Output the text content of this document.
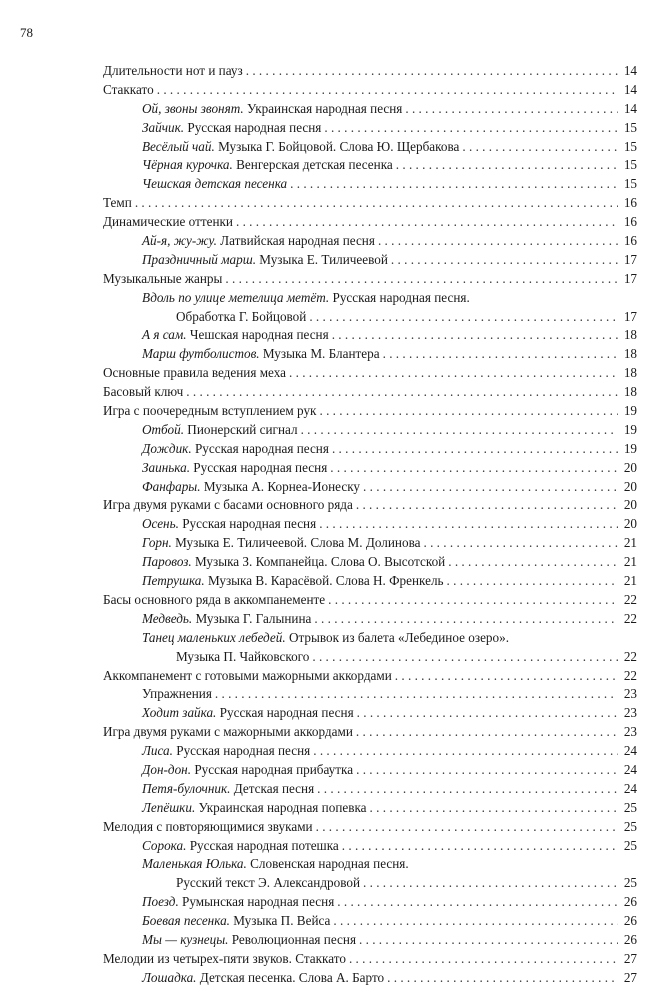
78
Длительности нот и пауз . . .	14
Стаккато . . .	14
Ой, звоны звонят. Украинская народная песня . . .	14
Зайчик. Русская народная песня . . .	15
Весёлый чай. Музыка Г. Бойцовой. Слова Ю. Щербакова . . .	15
Чёрная курочка. Венгерская детская песенка . . .	15
Чешская детская песенка . . .	15
Темп . . .	16
Динамические оттенки . . .	16
Ай-я, жу-жу. Латвийская народная песня . . .	16
Праздничный марш. Музыка Е. Тиличеевой . . .	17
Музыкальные жанры . . .	17
Вдоль по улице метелица метёт. Русская народная песня.
Обработка Г. Бойцовой . . .	17
А я сам. Чешская народная песня . . .	18
Марш футболистов. Музыка М. Блантера . . .	18
Основные правила ведения меха . . .	18
Басовый ключ . . .	18
Игра с поочередным вступлением рук . . .	19
Отбой. Пионерский сигнал . . .	19
Дождик. Русская народная песня . . .	19
Заинька. Русская народная песня . . .	20
Фанфары. Музыка А. Корнеа-Ионеску . . .	20
Игра двумя руками с басами основного ряда . . .	20
Осень. Русская народная песня . . .	20
Горн. Музыка Е. Тиличеевой. Слова М. Долинова . . .	21
Паровоз. Музыка З. Компанейца. Слова О. Высотской . . .	21
Петрушка. Музыка В. Карасёвой. Слова Н. Френкель . . .	21
Басы основного ряда в аккомпанементе . . .	22
Медведь. Музыка Г. Галынина . . .	22
Танец маленьких лебедей. Отрывок из балета «Лебединое озеро».
Музыка П. Чайковского . . .	22
Аккомпанемент с готовыми мажорными аккордами . . .	22
Упражнения . . .	23
Ходит зайка. Русская народная песня . . .	23
Игра двумя руками с мажорными аккордами . . .	23
Лиса. Русская народная песня . . .	24
Дон-дон. Русская народная прибаутка . . .	24
Петя-булочник. Детская песня . . .	24
Лепёшки. Украинская народная попевка . . .	25
Мелодия с повторяющимися звуками . . .	25
Сорока. Русская народная потешка . . .	25
Маленькая Юлька. Словенская народная песня.
Русский текст Э. Александровой . . .	25
Поезд. Румынская народная песня . . .	26
Боевая песенка. Музыка П. Вейса . . .	26
Мы — кузнецы. Революционная песня . . .	26
Мелодии из четырех-пяти звуков. Стаккато . . .	27
Лошадка. Детская песенка. Слова А. Барто . . .	27
